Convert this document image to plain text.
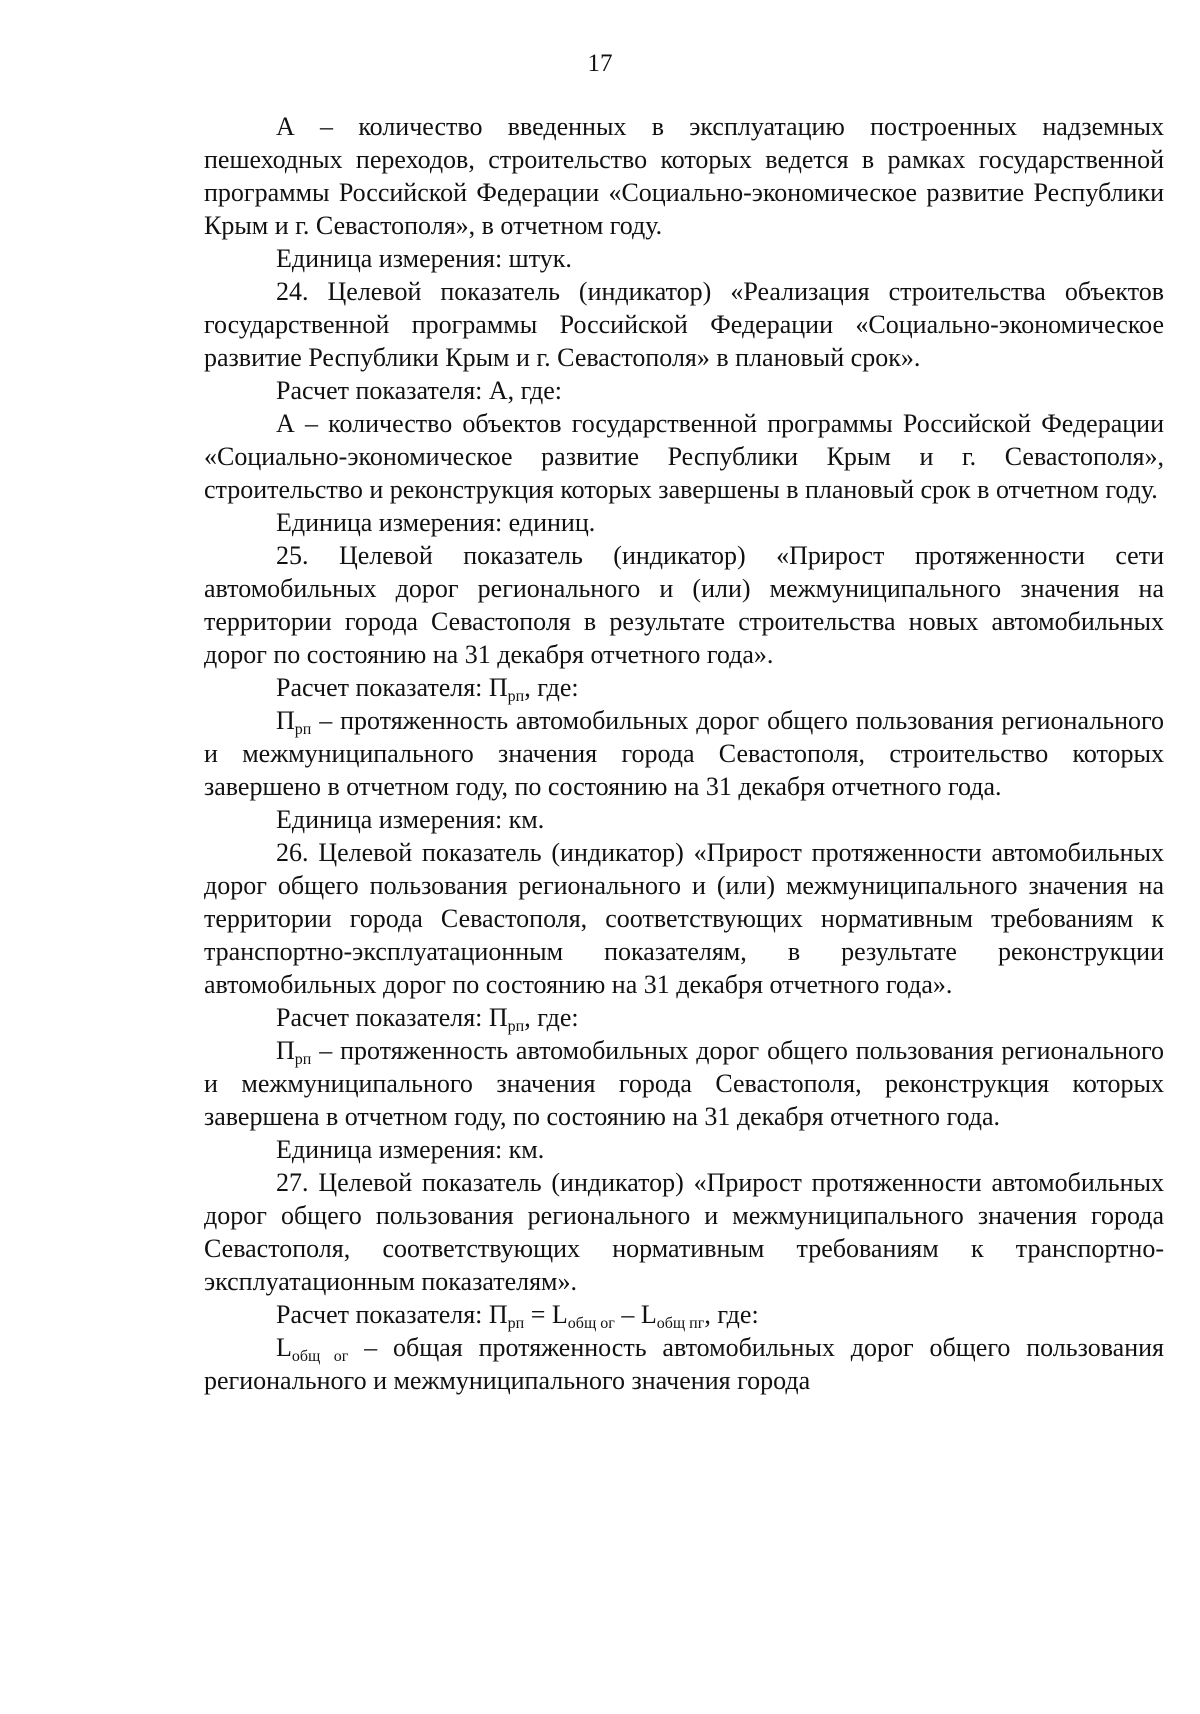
17

А – количество введенных в эксплуатацию построенных надземных пешеходных переходов, строительство которых ведется в рамках государственной программы Российской Федерации «Социально-экономическое развитие Республики Крым и г. Севастополя», в отчетном году.

Единица измерения: штук.

24. Целевой показатель (индикатор) «Реализация строительства объектов государственной программы Российской Федерации «Социально-экономическое развитие Республики Крым и г. Севастополя» в плановый срок».

Расчет показателя: А, где:

А – количество объектов государственной программы Российской Федерации «Социально-экономическое развитие Республики Крым и г. Севастополя», строительство и реконструкция которых завершены в плановый срок в отчетном году.

Единица измерения: единиц.

25. Целевой показатель (индикатор) «Прирост протяженности сети автомобильных дорог регионального и (или) межмуниципального значения на территории города Севастополя в результате строительства новых автомобильных дорог по состоянию на 31 декабря отчетного года».

Расчет показателя: $П_{рп}$, где:

$П_{рп}$ – протяженность автомобильных дорог общего пользования регионального и межмуниципального значения города Севастополя, строительство которых завершено в отчетном году, по состоянию на 31 декабря отчетного года.

Единица измерения: км.

26. Целевой показатель (индикатор) «Прирост протяженности автомобильных дорог общего пользования регионального и (или) межмуниципального значения на территории города Севастополя, соответствующих нормативным требованиям к транспортно-эксплуатационным показателям, в результате реконструкции автомобильных дорог по состоянию на 31 декабря отчетного года».

Расчет показателя: $П_{рп}$, где:

$П_{рп}$ – протяженность автомобильных дорог общего пользования регионального и межмуниципального значения города Севастополя, реконструкция которых завершена в отчетном году, по состоянию на 31 декабря отчетного года.

Единица измерения: км.

27. Целевой показатель (индикатор) «Прирост протяженности автомобильных дорог общего пользования регионального и межмуниципального значения города Севастополя, соответствующих нормативным требованиям к транспортно-эксплуатационным показателям».

Расчет показателя: $П_{рп} = L_{общ ог} - L_{общ пг}$, где:

$L_{общ ог}$ – общая протяженность автомобильных дорог общего пользования регионального и межмуниципального значения города
